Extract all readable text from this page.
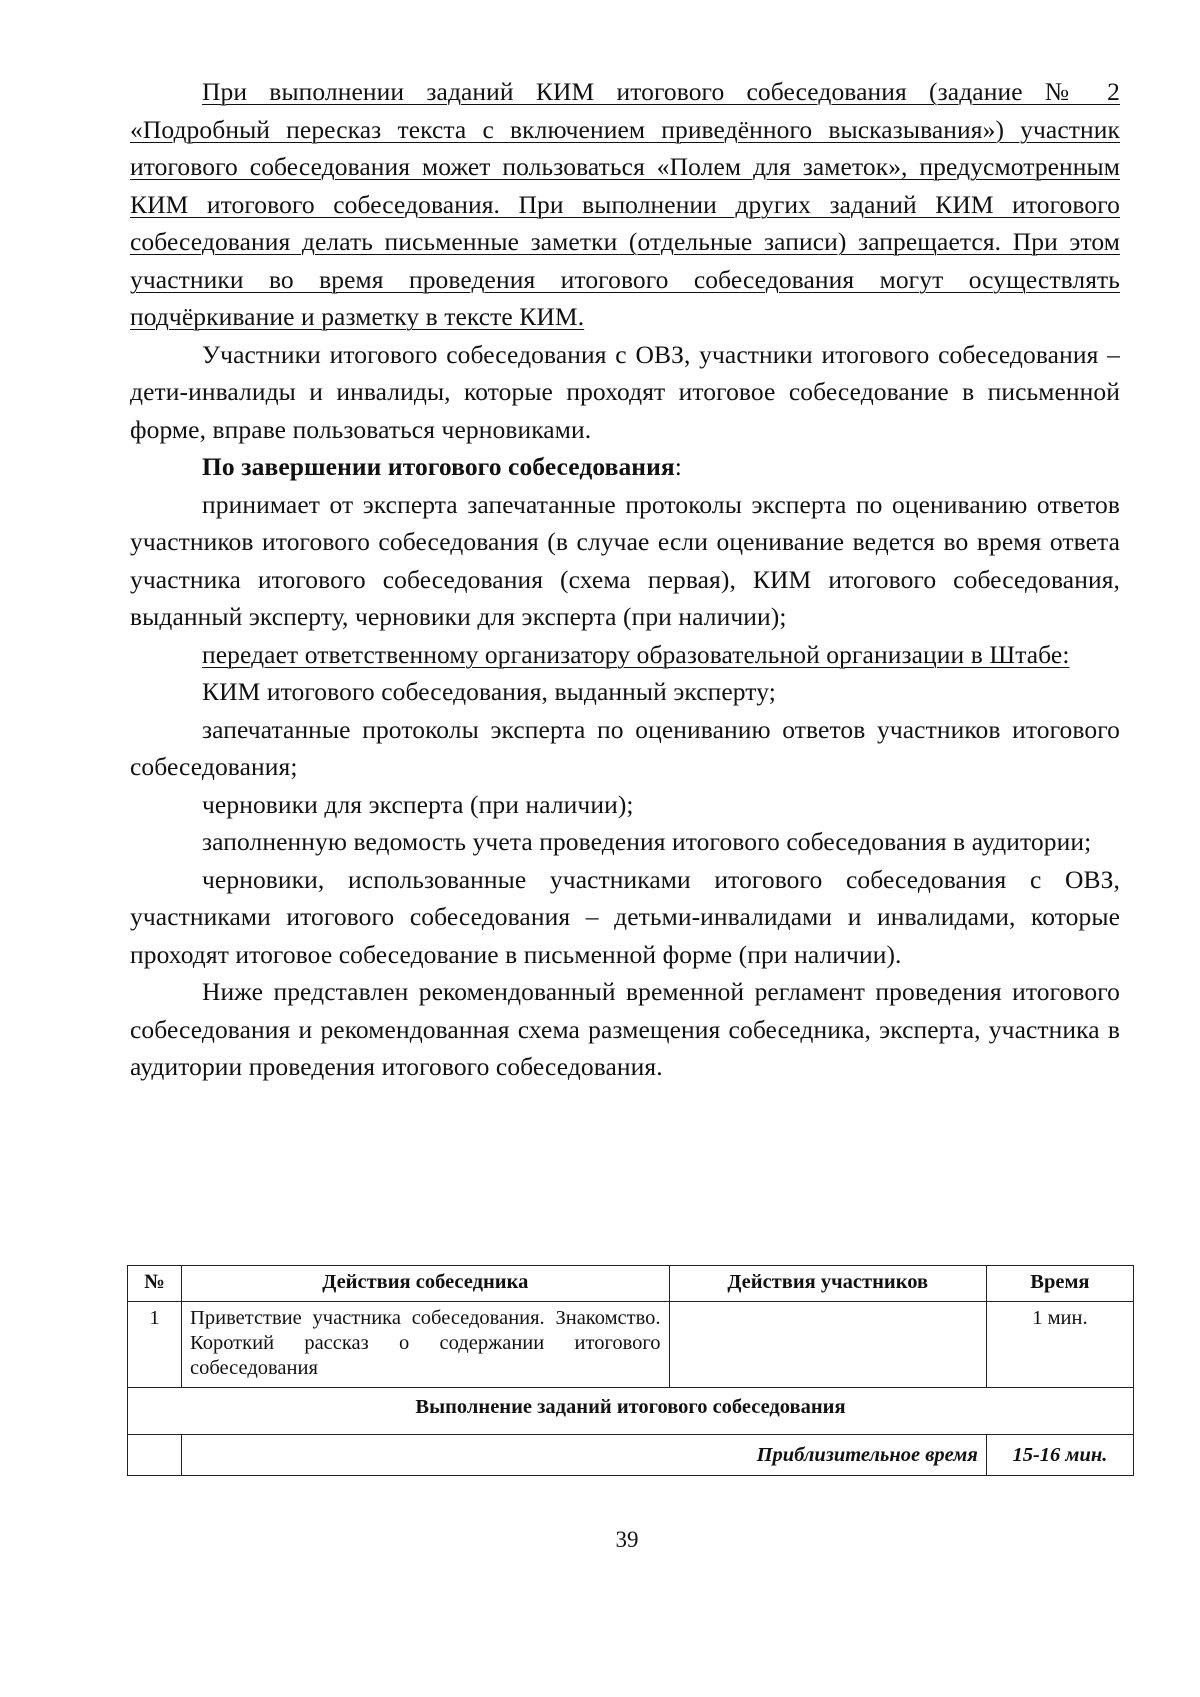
При выполнении заданий КИМ итогового собеседования (задание № 2 «Подробный пересказ текста с включением приведённого высказывания») участник итогового собеседования может пользоваться «Полем для заметок», предусмотренным КИМ итогового собеседования. При выполнении других заданий КИМ итогового собеседования делать письменные заметки (отдельные записи) запрещается. При этом участники во время проведения итогового собеседования могут осуществлять подчёркивание и разметку в тексте КИМ.

Участники итогового собеседования с ОВЗ, участники итогового собеседования – дети-инвалиды и инвалиды, которые проходят итоговое собеседование в письменной форме, вправе пользоваться черновиками.

По завершении итогового собеседования:

принимает от эксперта запечатанные протоколы эксперта по оцениванию ответов участников итогового собеседования (в случае если оценивание ведется во время ответа участника итогового собеседования (схема первая), КИМ итогового собеседования, выданный эксперту, черновики для эксперта (при наличии);

передает ответственному организатору образовательной организации в Штабе:

КИМ итогового собеседования, выданный эксперту;

запечатанные протоколы эксперта по оцениванию ответов участников итогового собеседования;

черновики для эксперта (при наличии);

заполненную ведомость учета проведения итогового собеседования в аудитории;

черновики, использованные участниками итогового собеседования с ОВЗ, участниками итогового собеседования – детьми-инвалидами и инвалидами, которые проходят итоговое собеседование в письменной форме (при наличии).

Ниже представлен рекомендованный временной регламент проведения итогового собеседования и рекомендованная схема размещения собеседника, эксперта, участника в аудитории проведения итогового собеседования.

№	Действия собеседника	Действия участников	Время
1	Приветствие участника собеседования. Знакомство. Короткий рассказ о содержании итогового собеседования		1 мин.
Выполнение заданий итогового собеседования			
	Приблизительное время		15-16 мин.
39
